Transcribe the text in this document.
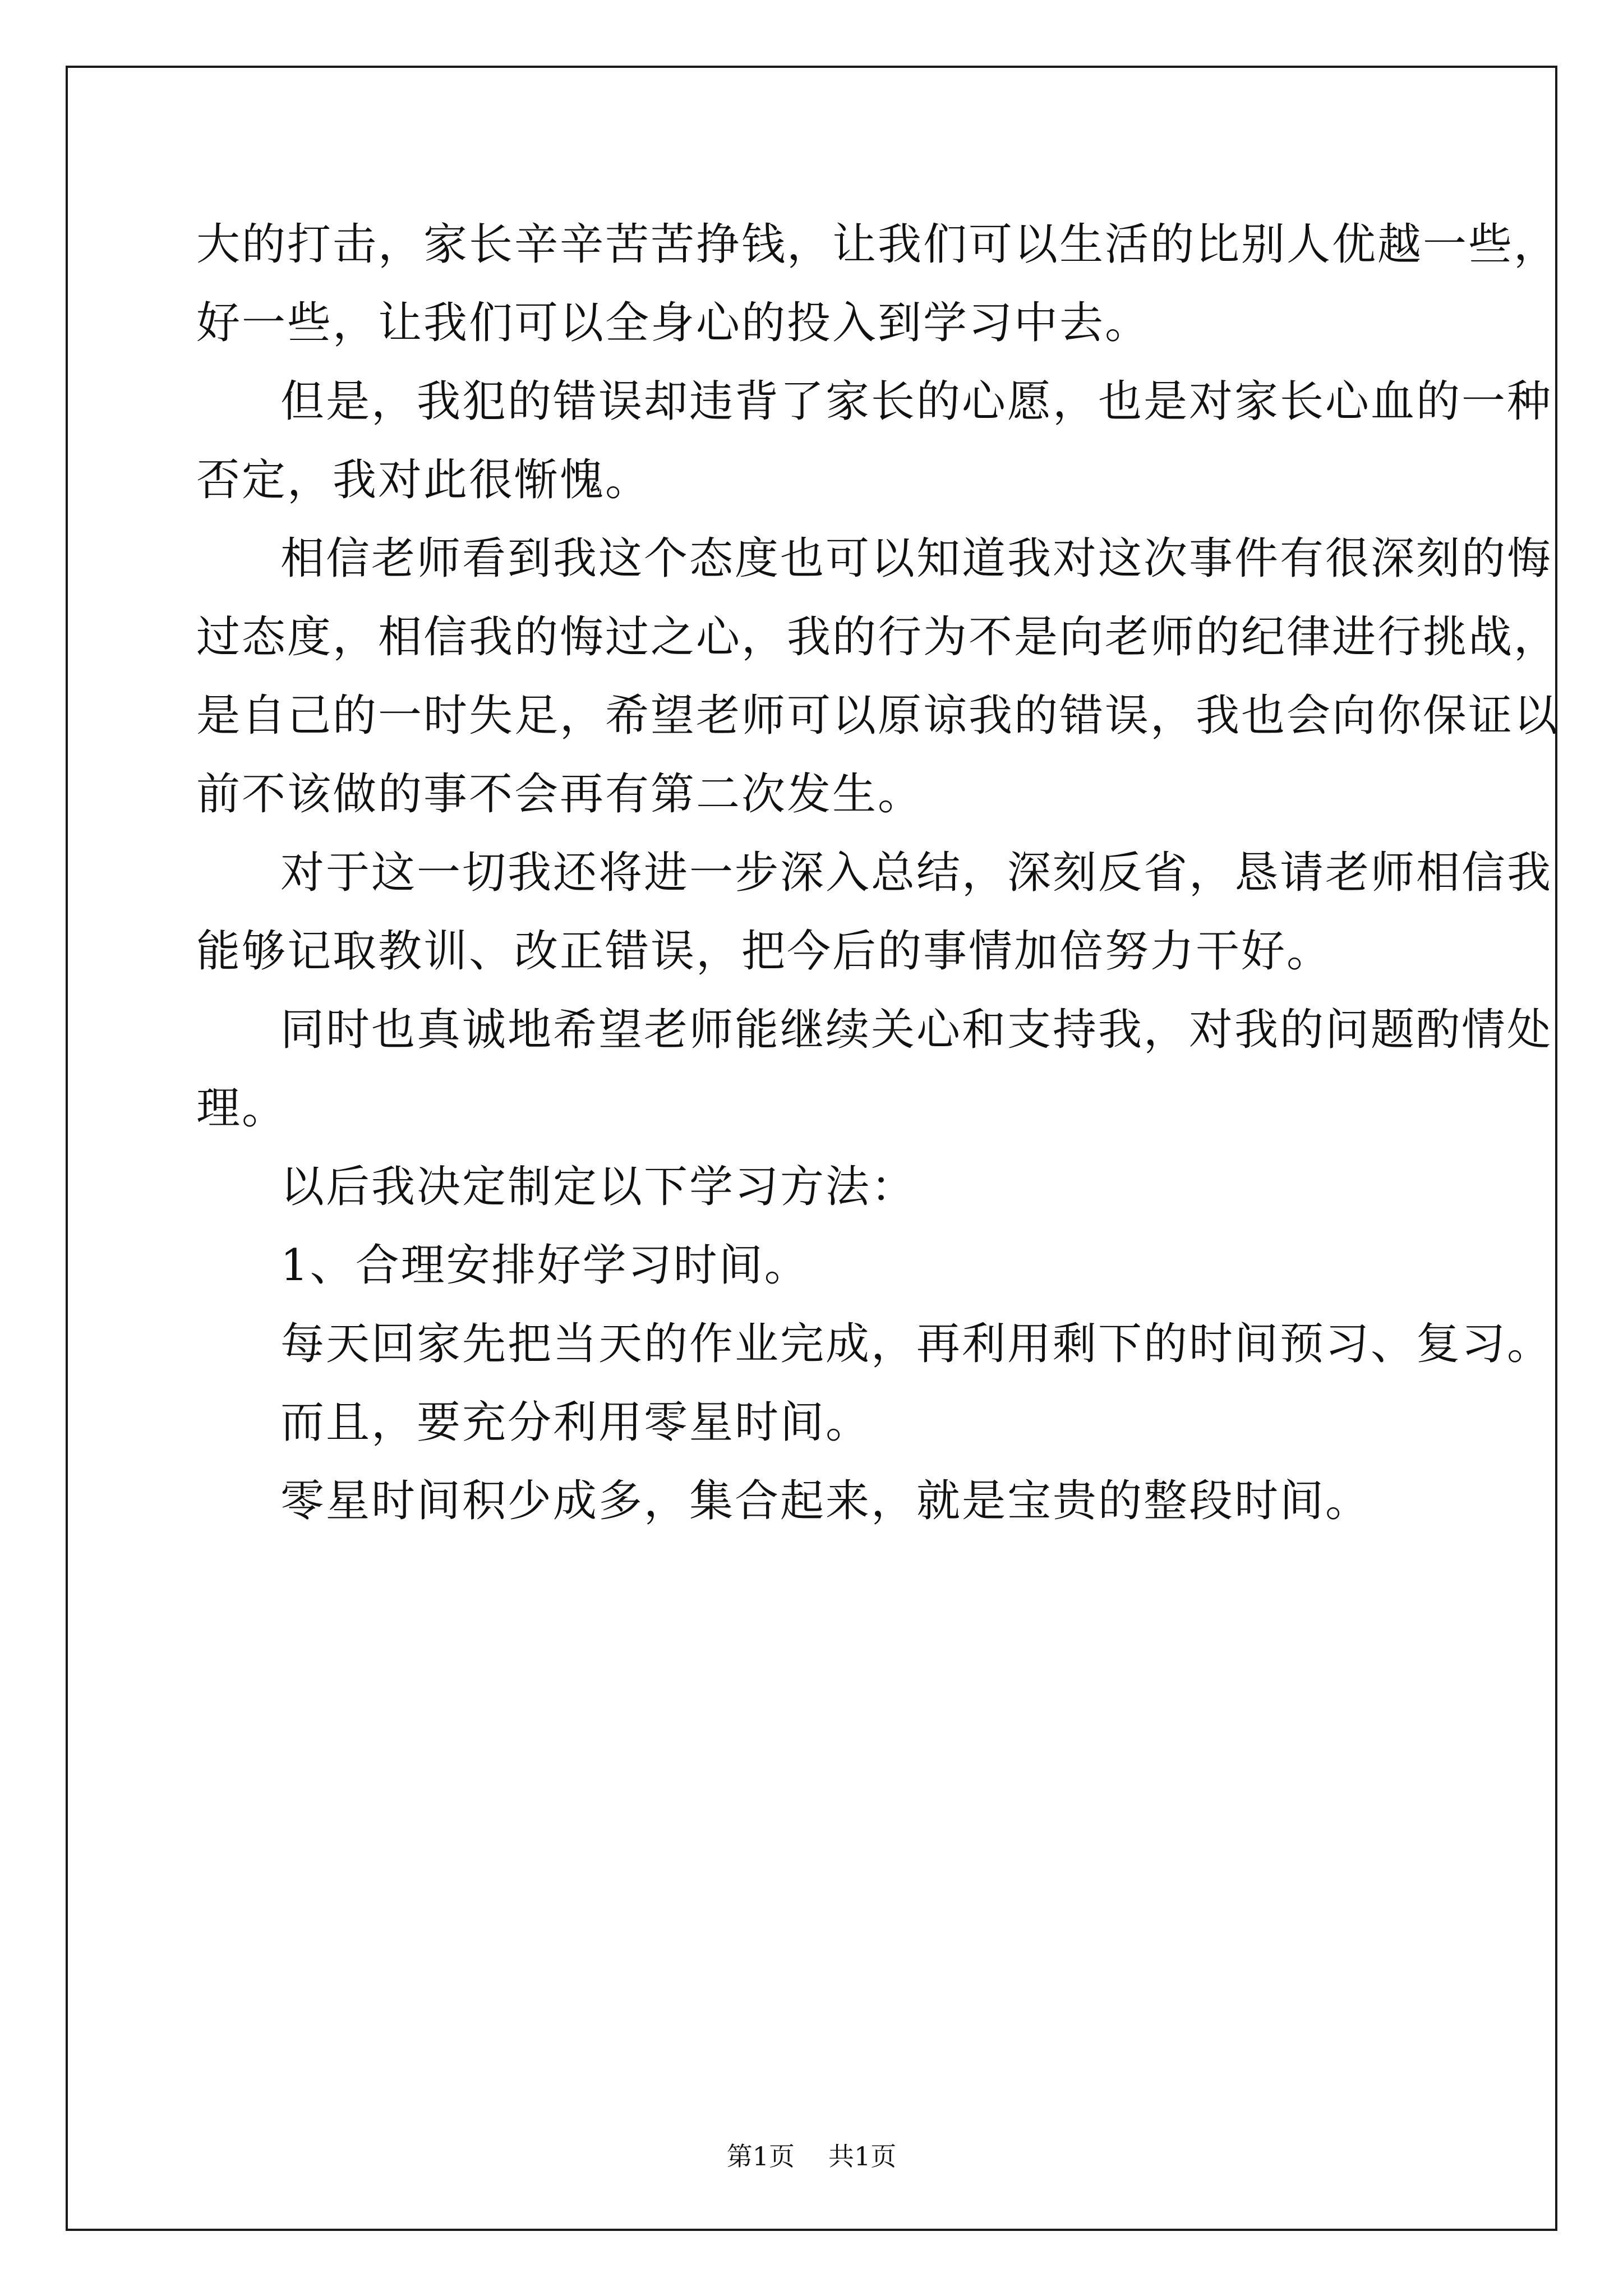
大的打击，家长辛辛苦苦挣钱，让我们可以生活的比别人优越一些，
好一些，让我们可以全身心的投入到学习中去。
但是，我犯的错误却违背了家长的心愿，也是对家长心血的一种
否定，我对此很惭愧。
相信老师看到我这个态度也可以知道我对这次事件有很深刻的悔
过态度，相信我的悔过之心，我的行为不是向老师的纪律进行挑战，
是自己的一时失足，希望老师可以原谅我的错误，我也会向你保证以
前不该做的事不会再有第二次发生。
对于这一切我还将进一步深入总结，深刻反省，恳请老师相信我
能够记取教训、改正错误，把今后的事情加倍努力干好。
同时也真诚地希望老师能继续关心和支持我，对我的问题酌情处
理。
以后我决定制定以下学习方法：
1、合理安排好学习时间。
每天回家先把当天的作业完成，再利用剩下的时间预习、复习。
而且，要充分利用零星时间。
零星时间积少成多，集合起来，就是宝贵的整段时间。
第1页 共1页
